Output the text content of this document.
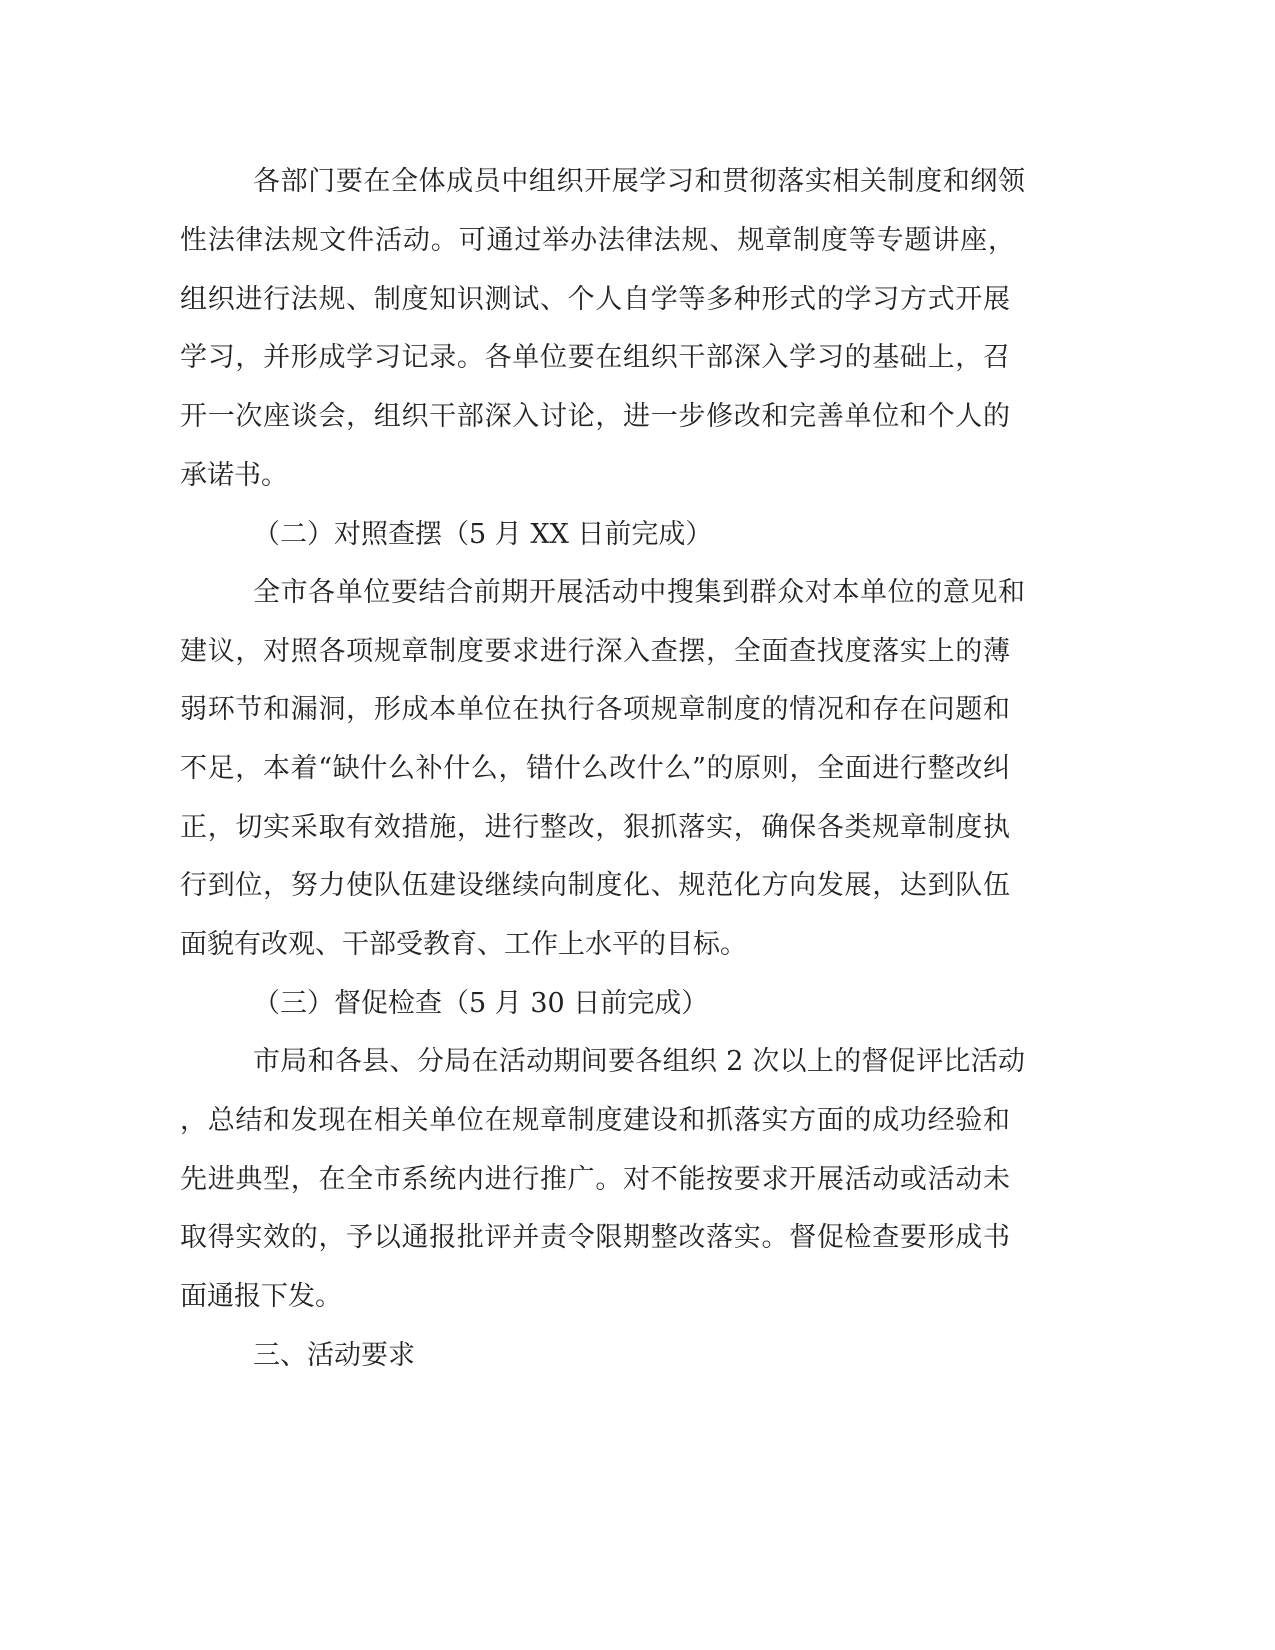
各部门要在全体成员中组织开展学习和贯彻落实相关制度和纲领
性法律法规文件活动。可通过举办法律法规、规章制度等专题讲座，
组织进行法规、制度知识测试、个人自学等多种形式的学习方式开展
学习，并形成学习记录。各单位要在组织干部深入学习的基础上，召
开一次座谈会，组织干部深入讨论，进一步修改和完善单位和个人的
承诺书。
（二）对照查摆（5 月 XX 日前完成）
全市各单位要结合前期开展活动中搜集到群众对本单位的意见和
建议，对照各项规章制度要求进行深入查摆，全面查找度落实上的薄
弱环节和漏洞，形成本单位在执行各项规章制度的情况和存在问题和
不足，本着“缺什么补什么，错什么改什么”的原则，全面进行整改纠
正，切实采取有效措施，进行整改，狠抓落实，确保各类规章制度执
行到位，努力使队伍建设继续向制度化、规范化方向发展，达到队伍
面貌有改观、干部受教育、工作上水平的目标。
（三）督促检查（5 月 30 日前完成）
市局和各县、分局在活动期间要各组织 2 次以上的督促评比活动
，总结和发现在相关单位在规章制度建设和抓落实方面的成功经验和
先进典型，在全市系统内进行推广。对不能按要求开展活动或活动未
取得实效的，予以通报批评并责令限期整改落实。督促检查要形成书
面通报下发。
三、活动要求
